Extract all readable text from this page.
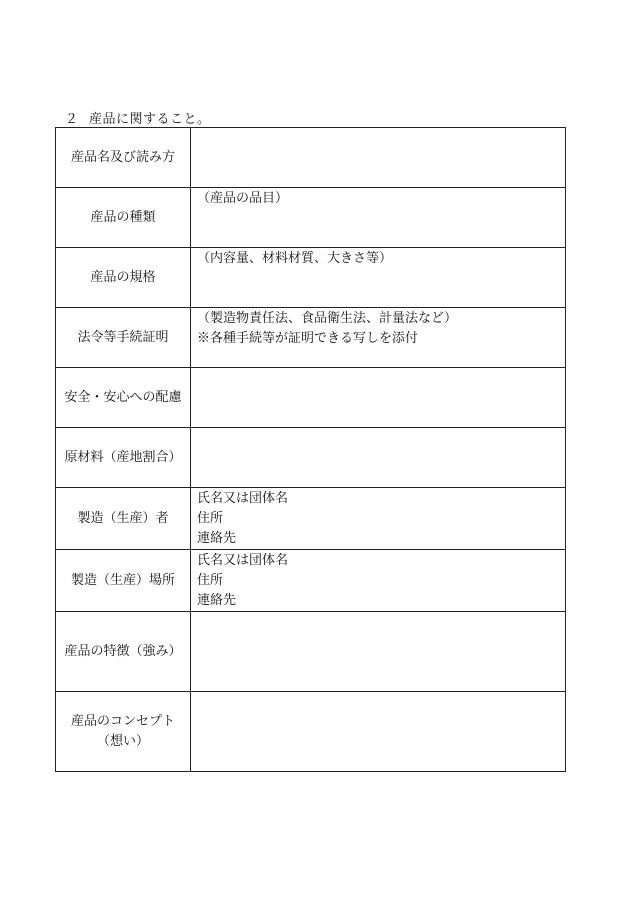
２ 産品に関すること。
産品名及び読み方	
産品の種類	（産品の品目）

産品の規格	（内容量、材料材質、大きさ等）

法令等手続証明	（製造物責任法、食品衛生法、計量法など）
※各種手続等が証明できる写しを添付

安全・安心への配慮	
原材料（産地割合）	
製造（生産）者	氏名又は団体名
住所
連絡先

製造（生産）場所	氏名又は団体名
住所
連絡先

産品の特徴（強み）	

産品のコンセプト
（想い）	
